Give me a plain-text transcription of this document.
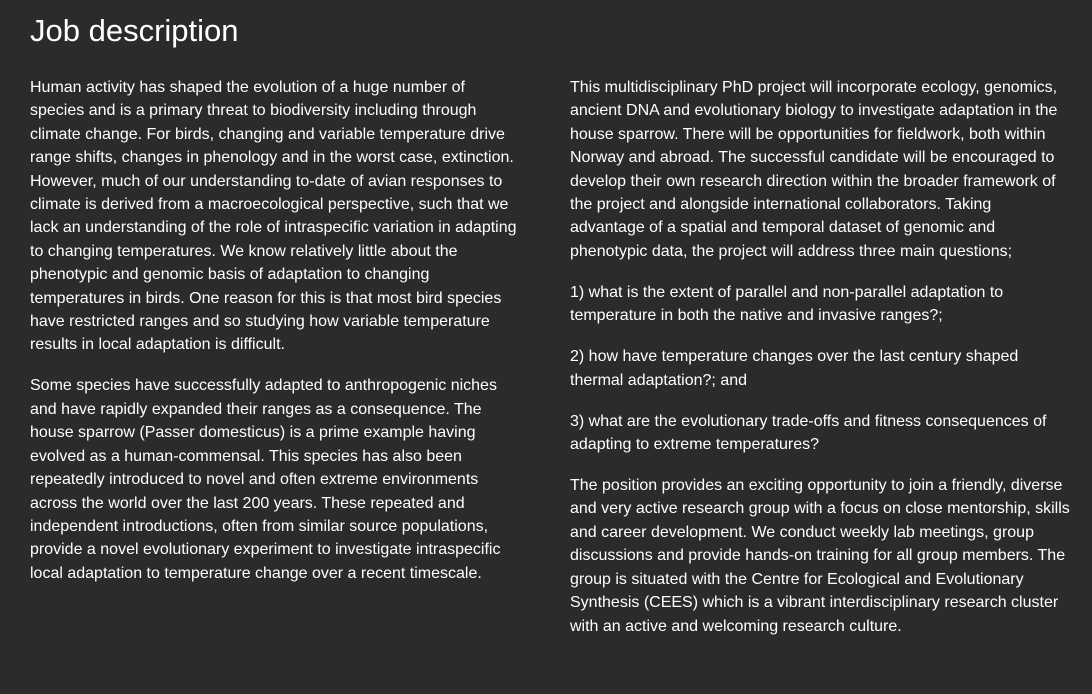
Job description

Human activity has shaped the evolution of a huge number of species and is a primary threat to biodiversity including through climate change. For birds, changing and variable temperature drive range shifts, changes in phenology and in the worst case, extinction. However, much of our understanding to-date of avian responses to climate is derived from a macroecological perspective, such that we lack an understanding of the role of intraspecific variation in adapting to changing temperatures. We know relatively little about the phenotypic and genomic basis of adaptation to changing temperatures in birds. One reason for this is that most bird species have restricted ranges and so studying how variable temperature results in local adaptation is difficult.

Some species have successfully adapted to anthropogenic niches and have rapidly expanded their ranges as a consequence. The house sparrow (Passer domesticus) is a prime example having evolved as a human-commensal. This species has also been repeatedly introduced to novel and often extreme environments across the world over the last 200 years. These repeated and independent introductions, often from similar source populations, provide a novel evolutionary experiment to investigate intraspecific local adaptation to temperature change over a recent timescale.

This multidisciplinary PhD project will incorporate ecology, genomics, ancient DNA and evolutionary biology to investigate adaptation in the house sparrow. There will be opportunities for fieldwork, both within Norway and abroad. The successful candidate will be encouraged to develop their own research direction within the broader framework of the project and alongside international collaborators. Taking advantage of a spatial and temporal dataset of genomic and phenotypic data, the project will address three main questions;

1) what is the extent of parallel and non-parallel adaptation to temperature in both the native and invasive ranges?;

2) how have temperature changes over the last century shaped thermal adaptation?; and

3) what are the evolutionary trade-offs and fitness consequences of adapting to extreme temperatures?

The position provides an exciting opportunity to join a friendly, diverse and very active research group with a focus on close mentorship, skills and career development. We conduct weekly lab meetings, group discussions and provide hands-on training for all group members. The group is situated with the Centre for Ecological and Evolutionary Synthesis (CEES) which is a vibrant interdisciplinary research cluster with an active and welcoming research culture.
